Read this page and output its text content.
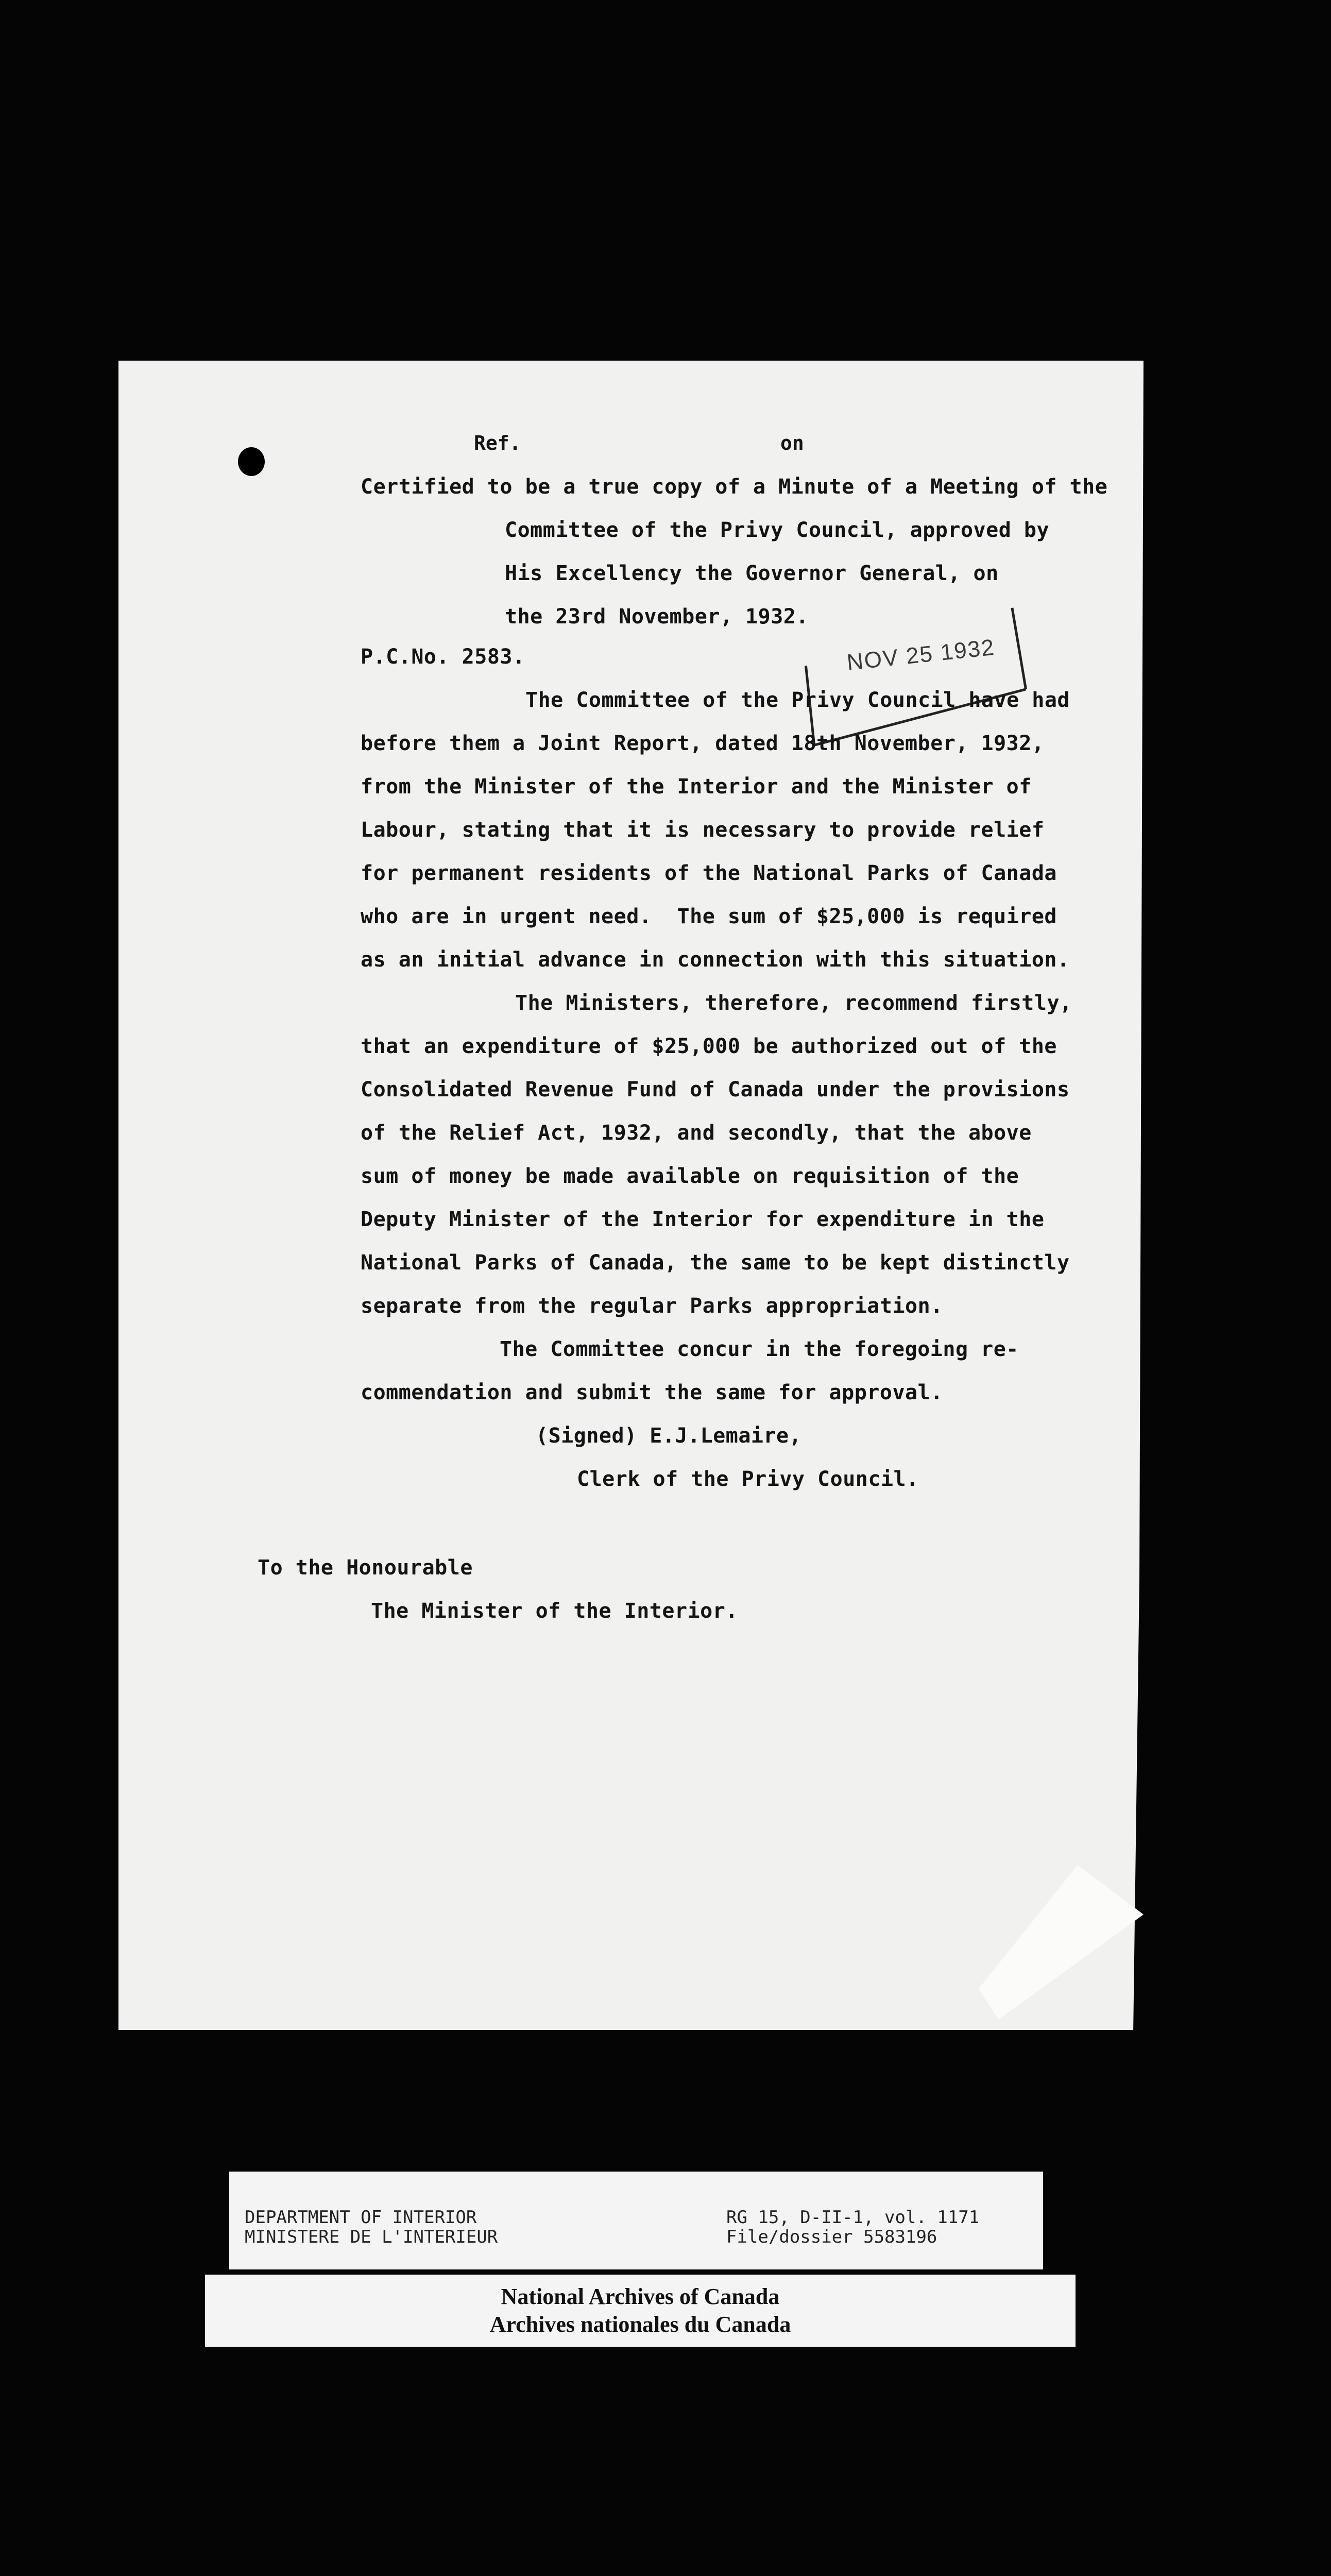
Ref.	on
Certified to be a true copy of a Minute of a Meeting of the
Committee of the Privy Council, approved by
His Excellency the Governor General, on
the 23rd November, 1932.
P.C.No. 2583.	NOV 25 1932
The Committee of the Privy Council have had
before them a Joint Report, dated 18th November, 1932,
from the Minister of the Interior and the Minister of
Labour, stating that it is necessary to provide relief
for permanent residents of the National Parks of Canada
who are in urgent need.  The sum of $25,000 is required
as an initial advance in connection with this situation.
The Ministers, therefore, recommend firstly,
that an expenditure of $25,000 be authorized out of the
Consolidated Revenue Fund of Canada under the provisions
of the Relief Act, 1932, and secondly, that the above
sum of money be made available on requisition of the
Deputy Minister of the Interior for expenditure in the
National Parks of Canada, the same to be kept distinctly
separate from the regular Parks appropriation.
The Committee concur in the foregoing re-
commendation and submit the same for approval.
(Signed) E.J.Lemaire,
Clerk of the Privy Council.
To the Honourable
The Minister of the Interior.
DEPARTMENT OF INTERIOR
MINISTERE DE L'INTERIEUR
RG 15, D-II-1, vol. 1171
File/dossier 5583196
National Archives of Canada
Archives nationales du Canada
